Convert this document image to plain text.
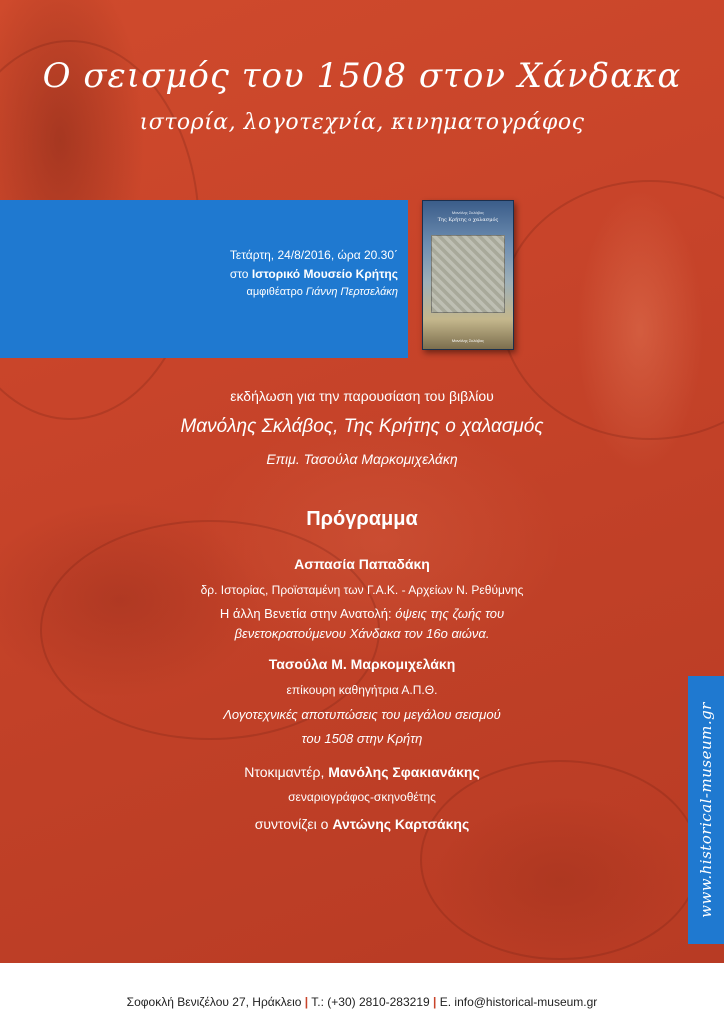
Ο σεισμός του 1508 στον Χάνδακα
ιστορία, λογοτεχνία, κινηματογράφος
Τετάρτη, 24/8/2016, ώρα 20.30΄
στο Ιστορικό Μουσείο Κρήτης
αμφιθέατρο Γιάννη Περτσελάκη
Μανόλης Σκλάβος
Της Κρήτης ο χαλασμός
Μανόλης Σκλάβος
εκδήλωση για την παρουσίαση του βιβλίου
Μανόλης Σκλάβος, Της Κρήτης ο χαλασμός
Επιμ. Τασούλα Μαρκομιχελάκη
Πρόγραμμα
Ασπασία Παπαδάκη
δρ. Ιστορίας, Προϊσταμένη των Γ.Α.Κ. - Αρχείων Ν. Ρεθύμνης
Η άλλη Βενετία στην Ανατολή: όψεις της ζωής του
βενετοκρατούμενου Χάνδακα τον 16ο αιώνα.
Τασούλα Μ. Μαρκομιχελάκη
επίκουρη καθηγήτρια Α.Π.Θ.
Λογοτεχνικές αποτυπώσεις του μεγάλου σεισμού
του 1508 στην Κρήτη
Ντοκιμαντέρ, Μανόλης Σφακιανάκης
σεναριογράφος-σκηνοθέτης
συντονίζει ο Αντώνης Καρτσάκης	www.historical-museum.gr
Σοφοκλή Βενιζέλου 27, Ηράκλειο | Τ.: (+30) 2810-283219 | Ε. info@historical-museum.gr
